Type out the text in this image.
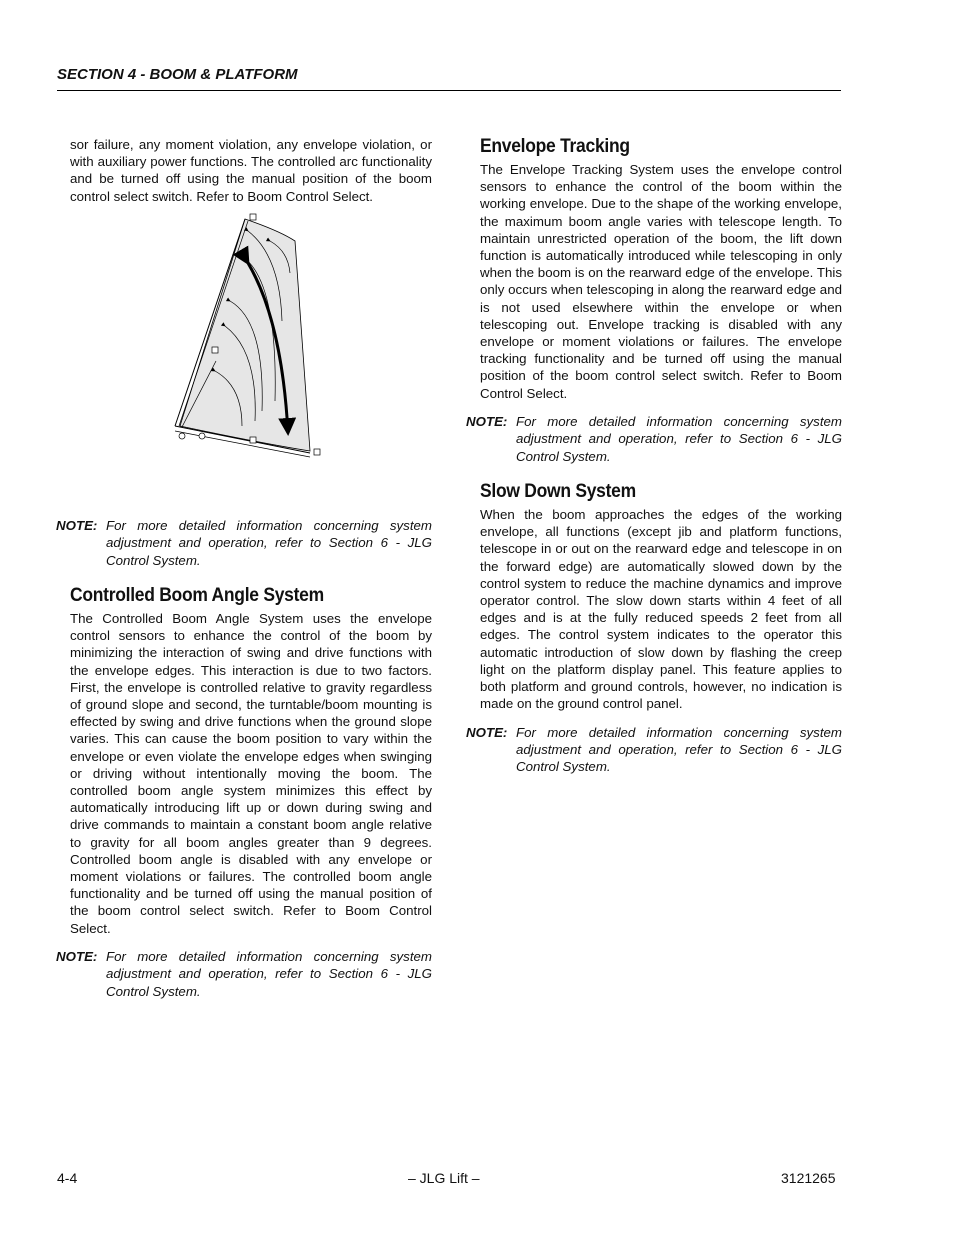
SECTION 4 - BOOM & PLATFORM

sor failure, any moment violation, any envelope violation, or with auxiliary power functions. The controlled arc functionality and be turned off using the manual position of the boom control select switch. Refer to Boom Control Select.

NOTE: For more detailed information concerning system adjustment and operation, refer to Section 6 - JLG Control System.
Controlled Boom Angle System

The Controlled Boom Angle System uses the envelope control sensors to enhance the control of the boom by minimizing the interaction of swing and drive functions with the envelope edges. This interaction is due to two factors. First, the envelope is controlled relative to gravity regardless of ground slope and second, the turntable/boom mounting is effected by swing and drive functions when the ground slope varies. This can cause the boom position to vary within the envelope or even violate the envelope edges when swinging or driving without intentionally moving the boom. The controlled boom angle system minimizes this effect by automatically introducing lift up or down during swing and drive commands to maintain a constant boom angle relative to gravity for all boom angles greater than 9 degrees. Controlled boom angle is disabled with any envelope or moment violations or failures. The controlled boom angle functionality and be turned off using the manual position of the boom control select switch. Refer to Boom Control Select.

NOTE: For more detailed information concerning system adjustment and operation, refer to Section 6 - JLG Control System.
Envelope Tracking

The Envelope Tracking System uses the envelope control sensors to enhance the control of the boom within the working envelope. Due to the shape of the working envelope, the maximum boom angle varies with telescope length. To maintain unrestricted operation of the boom, the lift down function is automatically introduced while telescoping in only when the boom is on the rearward edge of the envelope. This only occurs when telescoping in along the rearward edge and is not used elsewhere within the envelope or when telescoping out. Envelope tracking is disabled with any envelope or moment violations or failures. The envelope tracking functionality and be turned off using the manual position of the boom control select switch. Refer to Boom Control Select.

NOTE: For more detailed information concerning system adjustment and operation, refer to Section 6 - JLG Control System.
Slow Down System

When the boom approaches the edges of the working envelope, all functions (except jib and platform functions, telescope in or out on the rearward edge and telescope in on the forward edge) are automatically slowed down by the control system to reduce the machine dynamics and improve operator control. The slow down starts within 4 feet of all edges and is at the fully reduced speeds 2 feet from all edges. The control system indicates to the operator this automatic introduction of slow down by flashing the creep light on the platform display panel. This feature applies to both platform and ground controls, however, no indication is made on the ground control panel.

NOTE: For more detailed information concerning system adjustment and operation, refer to Section 6 - JLG Control System.
4-4	– JLG Lift –	3121265
